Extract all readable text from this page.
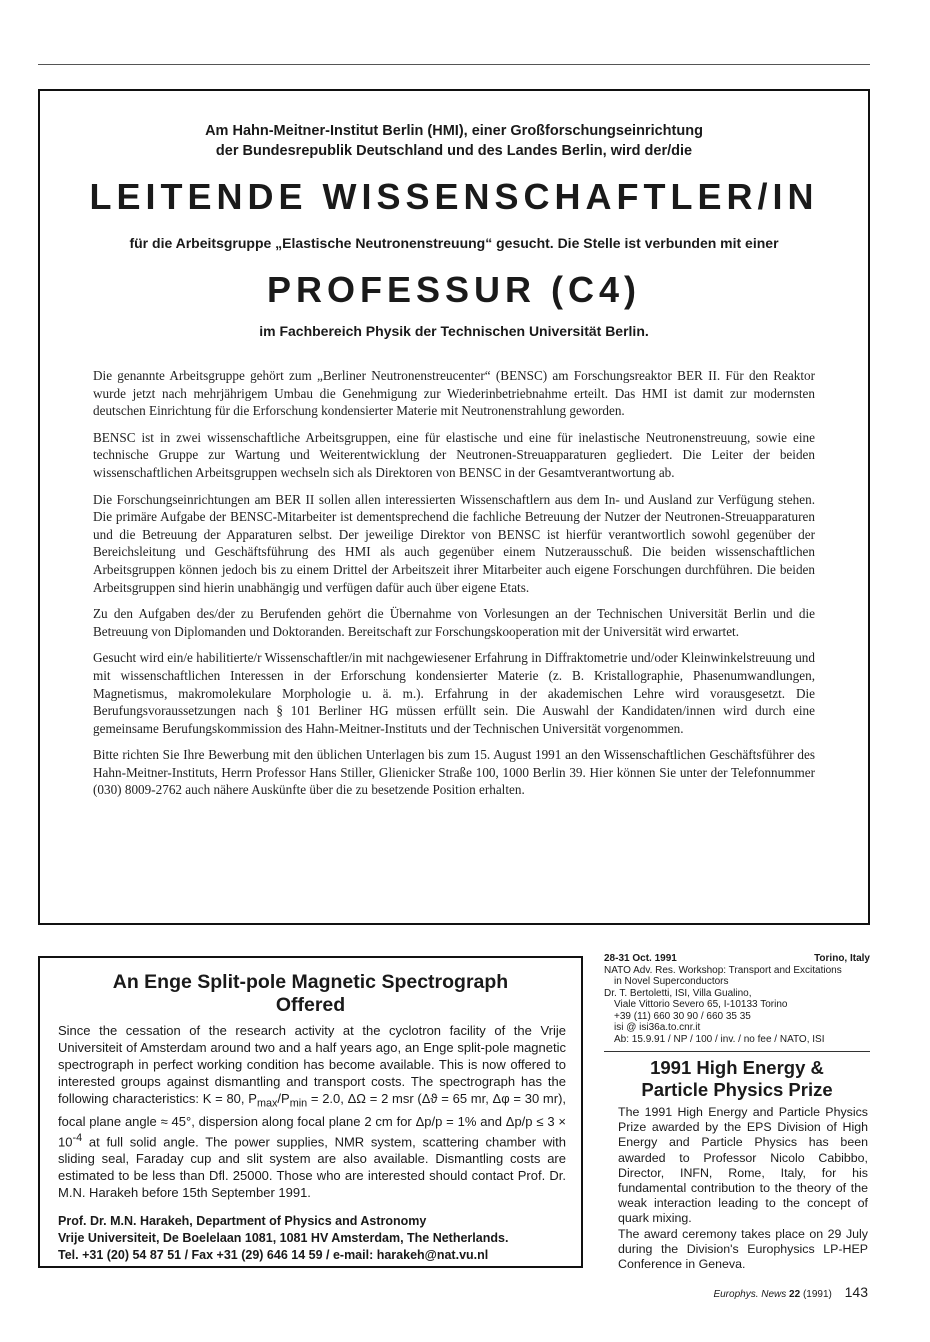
Am Hahn-Meitner-Institut Berlin (HMI), einer Großforschungseinrichtung
der Bundesrepublik Deutschland und des Landes Berlin, wird der/die
LEITENDE WISSENSCHAFTLER/IN
für die Arbeitsgruppe „Elastische Neutronenstreuung“ gesucht. Die Stelle ist verbunden mit einer
PROFESSUR (C4)
im Fachbereich Physik der Technischen Universität Berlin.

Die genannte Arbeitsgruppe gehört zum „Berliner Neutronenstreucenter“ (BENSC) am Forschungsreaktor BER II. Für den Reaktor wurde jetzt nach mehrjährigem Umbau die Genehmigung zur Wiederinbetriebnahme erteilt. Das HMI ist damit zur modernsten deutschen Einrichtung für die Erforschung kondensierter Materie mit Neutronenstrahlung geworden.

BENSC ist in zwei wissenschaftliche Arbeitsgruppen, eine für elastische und eine für inelastische Neutronenstreuung, sowie eine technische Gruppe zur Wartung und Weiterentwicklung der Neutronen-Streuapparaturen gegliedert. Die Leiter der beiden wissenschaftlichen Arbeitsgruppen wechseln sich als Direktoren von BENSC in der Gesamtverantwortung ab.

Die Forschungseinrichtungen am BER II sollen allen interessierten Wissenschaftlern aus dem In- und Ausland zur Verfügung stehen. Die primäre Aufgabe der BENSC-Mitarbeiter ist dementsprechend die fachliche Betreuung der Nutzer der Neutronen-Streuapparaturen und die Betreuung der Apparaturen selbst. Der jeweilige Direktor von BENSC ist hierfür verantwortlich sowohl gegenüber der Bereichsleitung und Geschäftsführung des HMI als auch gegenüber einem Nutzerausschuß. Die beiden wissenschaftlichen Arbeitsgruppen können jedoch bis zu einem Drittel der Arbeitszeit ihrer Mitarbeiter auch eigene Forschungen durchführen. Die beiden Arbeitsgruppen sind hierin unabhängig und verfügen dafür auch über eigene Etats.

Zu den Aufgaben des/der zu Berufenden gehört die Übernahme von Vorlesungen an der Technischen Universität Berlin und die Betreuung von Diplomanden und Doktoranden. Bereitschaft zur Forschungskooperation mit der Universität wird erwartet.

Gesucht wird ein/e habilitierte/r Wissenschaftler/in mit nachgewiesener Erfahrung in Diffraktometrie und/oder Kleinwinkelstreuung und mit wissenschaftlichen Interessen in der Erforschung kondensierter Materie (z. B. Kristallographie, Phasenumwandlungen, Magnetismus, makromolekulare Morphologie u. ä. m.). Erfahrung in der akademischen Lehre wird vorausgesetzt. Die Berufungsvoraussetzungen nach § 101 Berliner HG müssen erfüllt sein. Die Auswahl der Kandidaten/innen wird durch eine gemeinsame Berufungskommission des Hahn-Meitner-Instituts und der Technischen Universität vorgenommen.

Bitte richten Sie Ihre Bewerbung mit den üblichen Unterlagen bis zum 15. August 1991 an den Wissenschaftlichen Geschäftsführer des Hahn-Meitner-Instituts, Herrn Professor Hans Stiller, Glienicker Straße 100, 1000 Berlin 39. Hier können Sie unter der Telefonnummer (030) 8009-2762 auch nähere Auskünfte über die zu besetzende Position erhalten.

An Enge Split-pole Magnetic Spectrograph
Offered

Since the cessation of the research activity at the cyclotron facility of the Vrije Universiteit of Amsterdam around two and a half years ago, an Enge split-pole magnetic spectrograph in perfect working condition has become available. This is now offered to interested groups against dismantling and transport costs. The spectrograph has the following characteristics: K = 80, $P_{max}/P_{min} = 2.0$, ΔΩ = 2 msr (Δϑ = 65 mr, Δφ = 30 mr), focal plane angle ≈ 45°, dispersion along focal plane 2 cm for Δp/p = 1% and $\Delta p/p \le 3 \times 10^{-4}$ at full solid angle. The power supplies, NMR system, scattering chamber with sliding seal, Faraday cup and slit system are also available. Dismantling costs are estimated to be less than Dfl. 25000. Those who are interested should contact Prof. Dr. M.N. Harakeh before 15th September 1991.

Prof. Dr. M.N. Harakeh, Department of Physics and Astronomy
Vrije Universiteit, De Boelelaan 1081, 1081 HV Amsterdam, The Netherlands.
Tel. +31 (20) 54 87 51 / Fax +31 (29) 646 14 59 / e-mail: harakeh@nat.vu.nl
28-31 Oct. 1991	Torino, Italy
NATO Adv. Res. Workshop: Transport and Excitations
in Novel Superconductors
Dr. T. Bertoletti, ISI, Villa Gualino,
Viale Vittorio Severo 65, I-10133 Torino
+39 (11) 660 30 90 / 660 35 35
isi @ isi36a.to.cnr.it
Ab: 15.9.91 / NP / 100 / inv. / no fee / NATO, ISI
1991 High Energy &
Particle Physics Prize

The 1991 High Energy and Particle Physics Prize awarded by the EPS Division of High Energy and Particle Physics has been awarded to Professor Nicolo Cabibbo, Director, INFN, Rome, Italy, for his fundamental contribution to the theory of the weak interaction leading to the concept of quark mixing.

The award ceremony takes place on 29 July during the Division's Europhysics LP-HEP Conference in Geneva.

Europhys. News 22 (1991) 143
